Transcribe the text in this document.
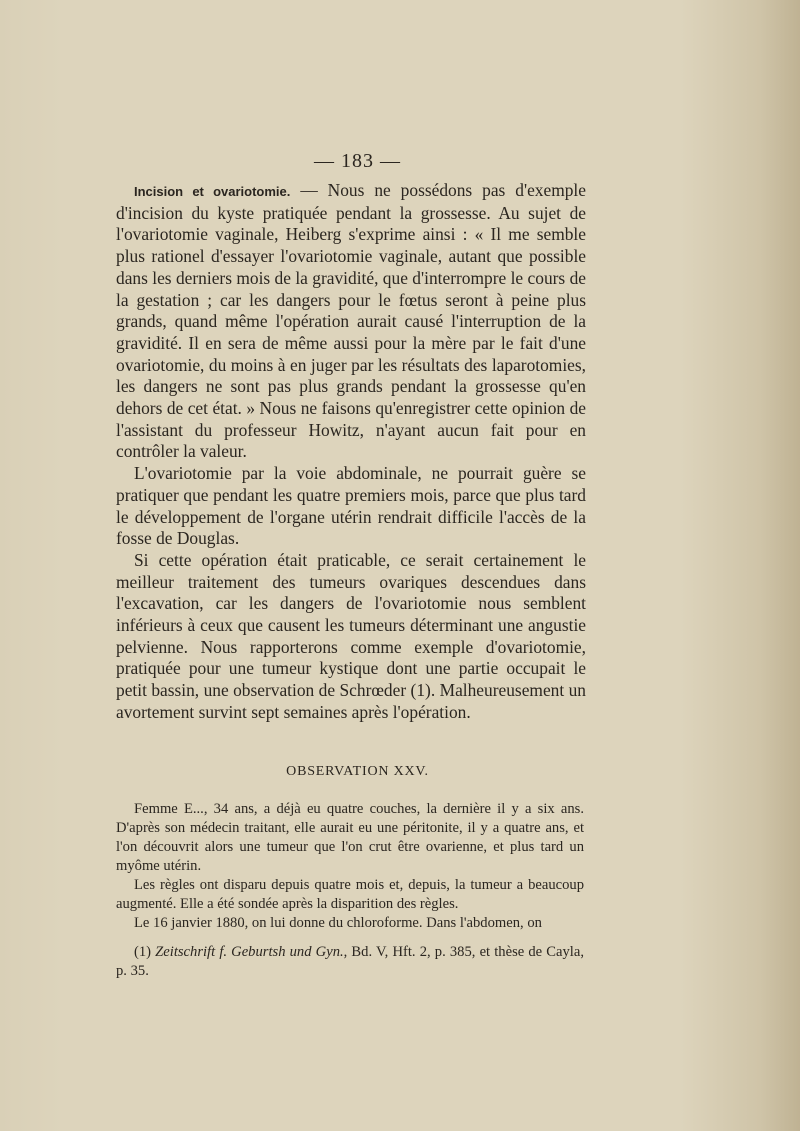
— 183 —

Incision et ovariotomie. — Nous ne possédons pas d'exemple d'incision du kyste pratiquée pendant la grossesse. Au sujet de l'ovariotomie vaginale, Heiberg s'exprime ainsi : « Il me semble plus rationel d'essayer l'ovariotomie vaginale, autant que possible dans les derniers mois de la gravidité, que d'interrompre le cours de la gestation ; car les dangers pour le fœtus seront à peine plus grands, quand même l'opération aurait causé l'interruption de la gravidité. Il en sera de même aussi pour la mère par le fait d'une ovariotomie, du moins à en juger par les résultats des laparotomies, les dangers ne sont pas plus grands pendant la grossesse qu'en dehors de cet état. » Nous ne faisons qu'enregistrer cette opinion de l'assistant du professeur Howitz, n'ayant aucun fait pour en contrôler la valeur.

L'ovariotomie par la voie abdominale, ne pourrait guère se pratiquer que pendant les quatre premiers mois, parce que plus tard le développement de l'organe utérin rendrait difficile l'accès de la fosse de Douglas.

Si cette opération était praticable, ce serait certainement le meilleur traitement des tumeurs ovariques descendues dans l'excavation, car les dangers de l'ovariotomie nous semblent inférieurs à ceux que causent les tumeurs déterminant une angustie pelvienne. Nous rapporterons comme exemple d'ovariotomie, pratiquée pour une tumeur kystique dont une partie occupait le petit bassin, une observation de Schrœder (1). Malheureusement un avortement survint sept semaines après l'opération.

OBSERVATION XXV.

Femme E..., 34 ans, a déjà eu quatre couches, la dernière il y a six ans. D'après son médecin traitant, elle aurait eu une péritonite, il y a quatre ans, et l'on découvrit alors une tumeur que l'on crut être ovarienne, et plus tard un myôme utérin.

Les règles ont disparu depuis quatre mois et, depuis, la tumeur a beaucoup augmenté. Elle a été sondée après la disparition des règles.

Le 16 janvier 1880, on lui donne du chloroforme. Dans l'abdomen, on

(1) Zeitschrift f. Geburtsh und Gyn., Bd. V, Hft. 2, p. 385, et thèse de Cayla, p. 35.
